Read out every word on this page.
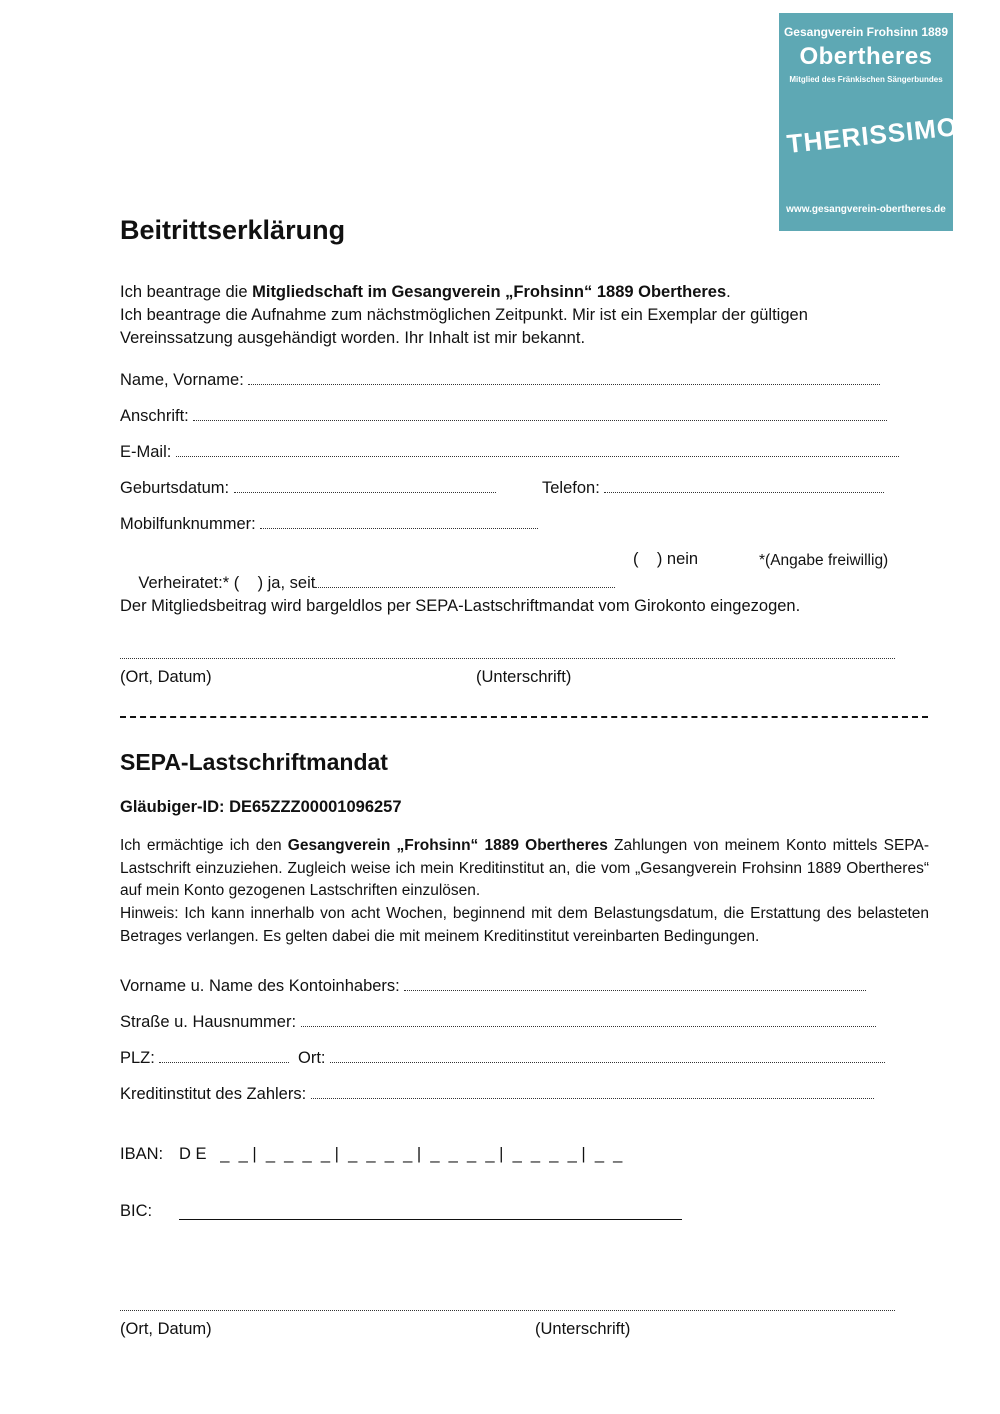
Gesangverein Frohsinn 1889
Obertheres
Mitglied des Fränkischen Sängerbundes
THERISSIMO
www.gesangverein-obertheres.de
Beitrittserklärung
Ich beantrage die Mitgliedschaft im Gesangverein „Frohsinn“ 1889 Obertheres.
Ich beantrage die Aufnahme zum nächstmöglichen Zeitpunkt. Mir ist ein Exemplar der gültigen
Vereinssatzung ausgehändigt worden. Ihr Inhalt ist mir bekannt.
Name, Vorname:
Anschrift:
E-Mail:
Geburtsdatum:	Telefon:
Mobilfunknummer:

Verheiratet:* (    ) ja, seit

(    ) nein	*(Angabe freiwillig)
Der Mitgliedsbeitrag wird bargeldlos per SEPA-Lastschriftmandat vom Girokonto eingezogen.
(Ort, Datum)	(Unterschrift)
SEPA-Lastschriftmandat
Gläubiger-ID: DE65ZZZ00001096257
Ich ermächtige ich den Gesangverein „Frohsinn“ 1889 Obertheres Zahlungen von meinem Konto mittels SEPA-Lastschrift einzuziehen. Zugleich weise ich mein Kreditinstitut an, die vom „Gesangverein Frohsinn 1889 Obertheres“ auf mein Konto gezogenen Lastschriften einzulösen.
Hinweis: Ich kann innerhalb von acht Wochen, beginnend mit dem Belastungsdatum, die Erstattung des belasteten Betrages verlangen. Es gelten dabei die mit meinem Kreditinstitut vereinbarten Bedingungen.
Vorname u. Name des Kontoinhabers:
Straße u. Hausnummer:
PLZ:	Ort:
Kreditinstitut des Zahlers:
IBAN: D E   _  _ |  _  _  _  _ |  _  _  _  _ |  _  _  _  _ |  _  _  _  _ |  _  _
BIC:
(Ort, Datum)	(Unterschrift)
